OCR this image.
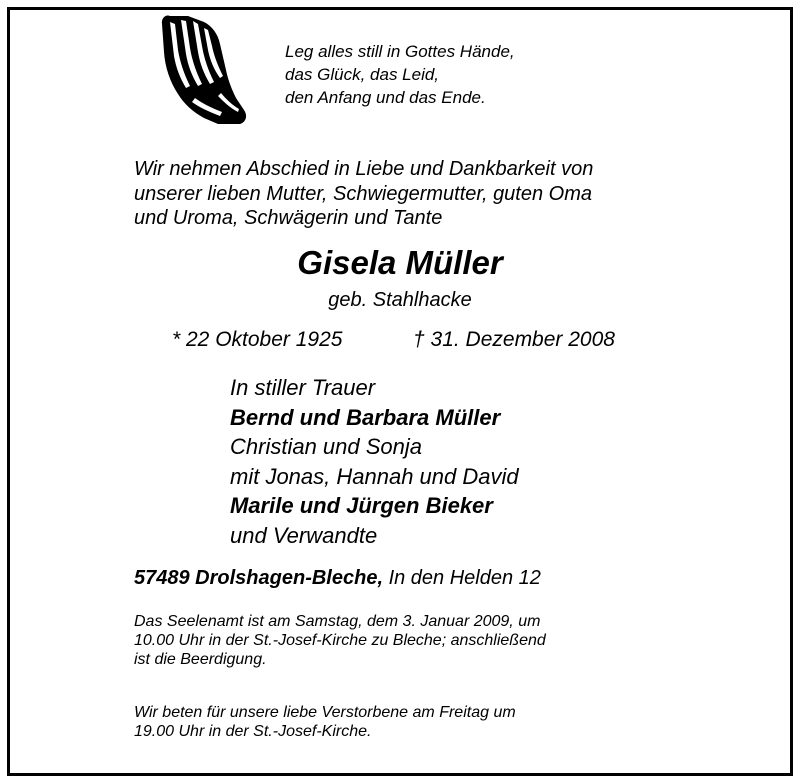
Leg alles still in Gottes Hände,
das Glück, das Leid,
den Anfang und das Ende.
Wir nehmen Abschied in Liebe und Dankbarkeit von
unserer lieben Mutter, Schwiegermutter, guten Oma
und Uroma, Schwägerin und Tante
Gisela Müller
geb. Stahlhacke
* 22 Oktober 1925	† 31. Dezember 2008
In stiller Trauer
Bernd und Barbara Müller
Christian und Sonja
mit Jonas, Hannah und David
Marile und Jürgen Bieker
und Verwandte
57489 Drolshagen-Bleche, In den Helden 12
Das Seelenamt ist am Samstag, dem 3. Januar 2009, um
10.00 Uhr in der St.-Josef-Kirche zu Bleche; anschließend
ist die Beerdigung.
Wir beten für unsere liebe Verstorbene am Freitag um
19.00 Uhr in der St.-Josef-Kirche.
